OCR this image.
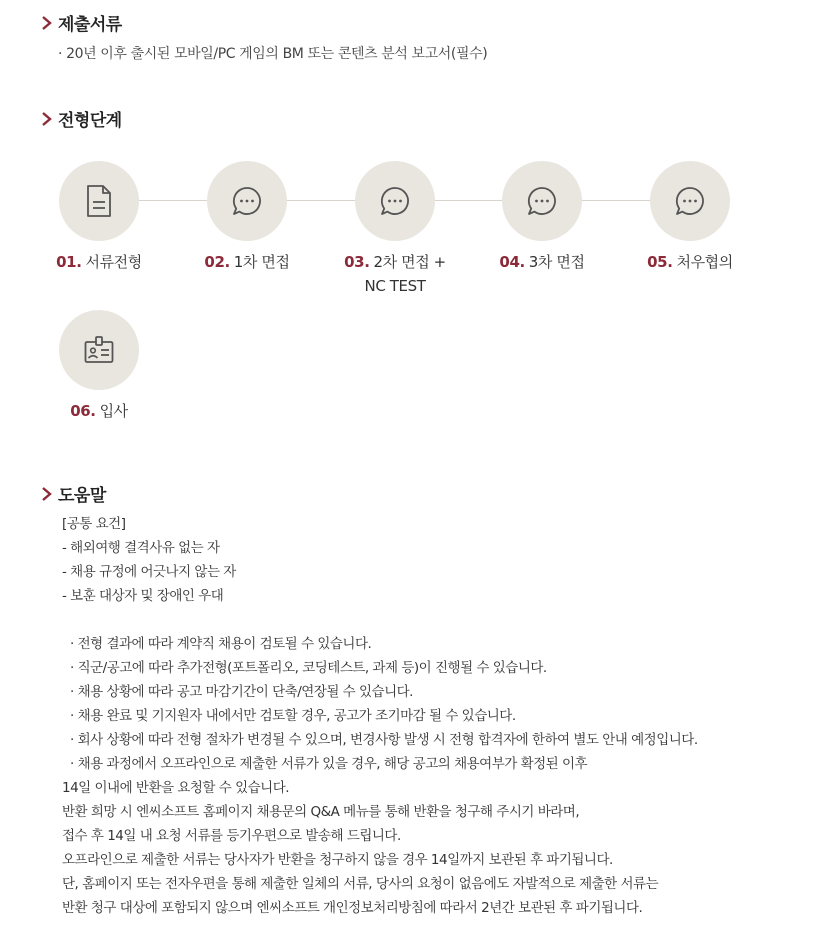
제출서류
· 20년 이후 출시된 모바일/PC 게임의 BM 또는 콘텐츠 분석 보고서(필수)
전형단계
01. 서류전형	02. 1차 면접	03. 2차 면접 +
NC TEST
04. 3차 면접	05. 처우협의
06. 입사
도움말
[공통 요건]
- 해외여행 결격사유 없는 자
- 채용 규정에 어긋나지 않는 자
- 보훈 대상자 및 장애인 우대
· 전형 결과에 따라 계약직 채용이 검토될 수 있습니다.
· 직군/공고에 따라 추가전형(포트폴리오, 코딩테스트, 과제 등)이 진행될 수 있습니다.
· 채용 상황에 따라 공고 마감기간이 단축/연장될 수 있습니다.
· 채용 완료 및 기지원자 내에서만 검토할 경우, 공고가 조기마감 될 수 있습니다.
· 회사 상황에 따라 전형 절차가 변경될 수 있으며, 변경사항 발생 시 전형 합격자에 한하여 별도 안내 예정입니다.
· 채용 과정에서 오프라인으로 제출한 서류가 있을 경우, 해당 공고의 채용여부가 확정된 이후
14일 이내에 반환을 요청할 수 있습니다.
반환 희망 시 엔씨소프트 홈페이지 채용문의 Q&A 메뉴를 통해 반환을 청구해 주시기 바라며,
접수 후 14일 내 요청 서류를 등기우편으로 발송해 드립니다.
오프라인으로 제출한 서류는 당사자가 반환을 청구하지 않을 경우 14일까지 보관된 후 파기됩니다.
단, 홈페이지 또는 전자우편을 통해 제출한 일체의 서류, 당사의 요청이 없음에도 자발적으로 제출한 서류는
반환 청구 대상에 포함되지 않으며 엔씨소프트 개인정보처리방침에 따라서 2년간 보관된 후 파기됩니다.
